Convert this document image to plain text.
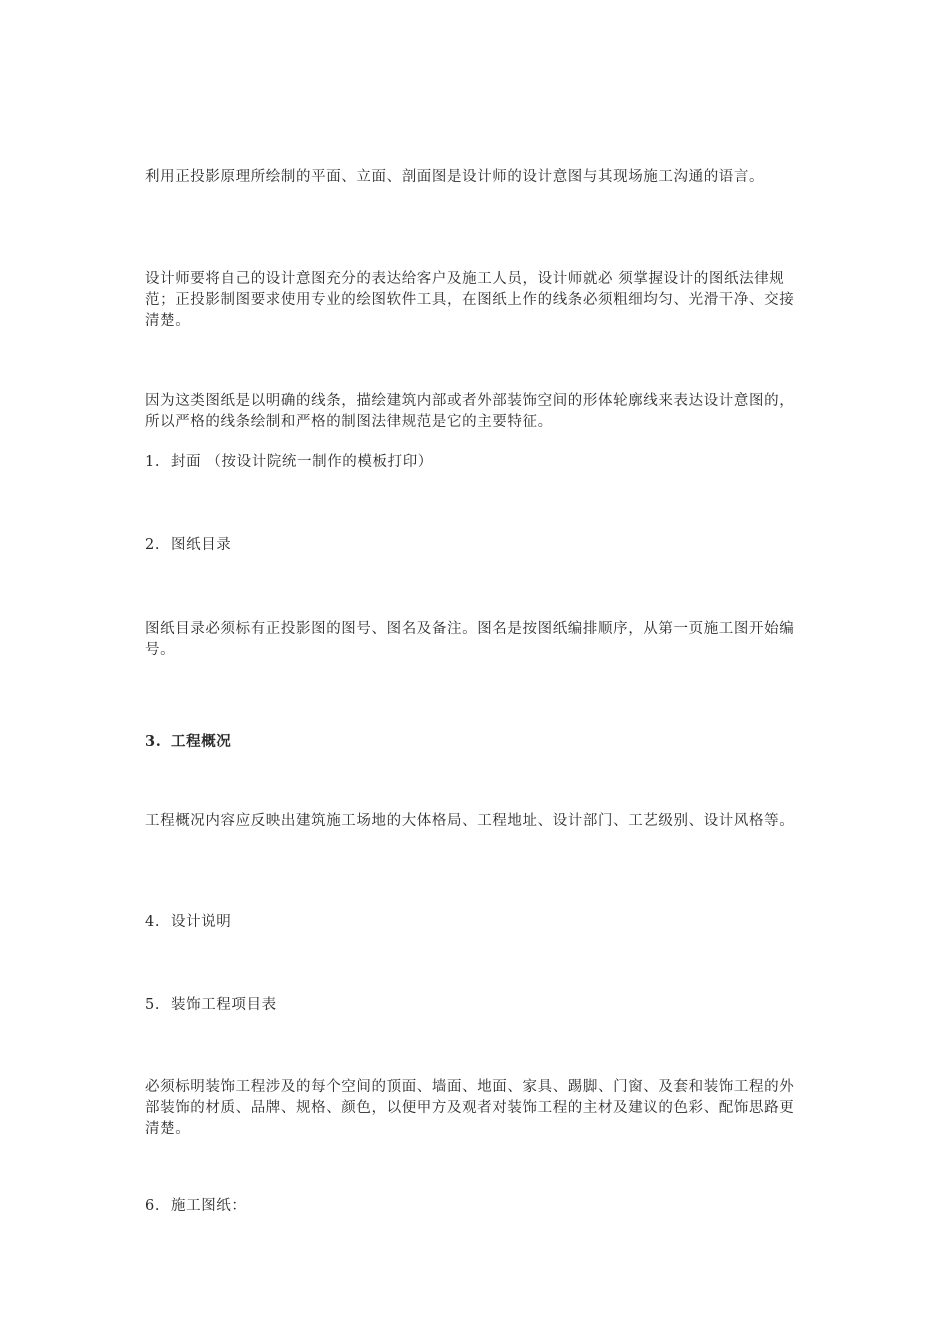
利用正投影原理所绘制的平面、立面、剖面图是设计师的设计意图与其现场施工沟通的语言。
设计师要将自己的设计意图充分的表达给客户及施工人员，设计师就必 须掌握设计的图纸法律规范；正投影制图要求使用专业的绘图软件工具，在图纸上作的线条必须粗细均匀、光滑干净、交接清楚。
因为这类图纸是以明确的线条，描绘建筑内部或者外部装饰空间的形体轮廓线来表达设计意图的，所以严格的线条绘制和严格的制图法律规范是它的主要特征。
1. 封面 （按设计院统一制作的模板打印）
2. 图纸目录
图纸目录必须标有正投影图的图号、图名及备注。图名是按图纸编排顺序，从第一页施工图开始编号。
3. 工程概况
工程概况内容应反映出建筑施工场地的大体格局、工程地址、设计部门、工艺级别、设计风格等。
4. 设计说明
5. 装饰工程项目表
必须标明装饰工程涉及的每个空间的顶面、墙面、地面、家具、踢脚、门窗、及套和装饰工程的外部装饰的材质、品牌、规格、颜色，以便甲方及观者对装饰工程的主材及建议的色彩、配饰思路更清楚。
6. 施工图纸：
